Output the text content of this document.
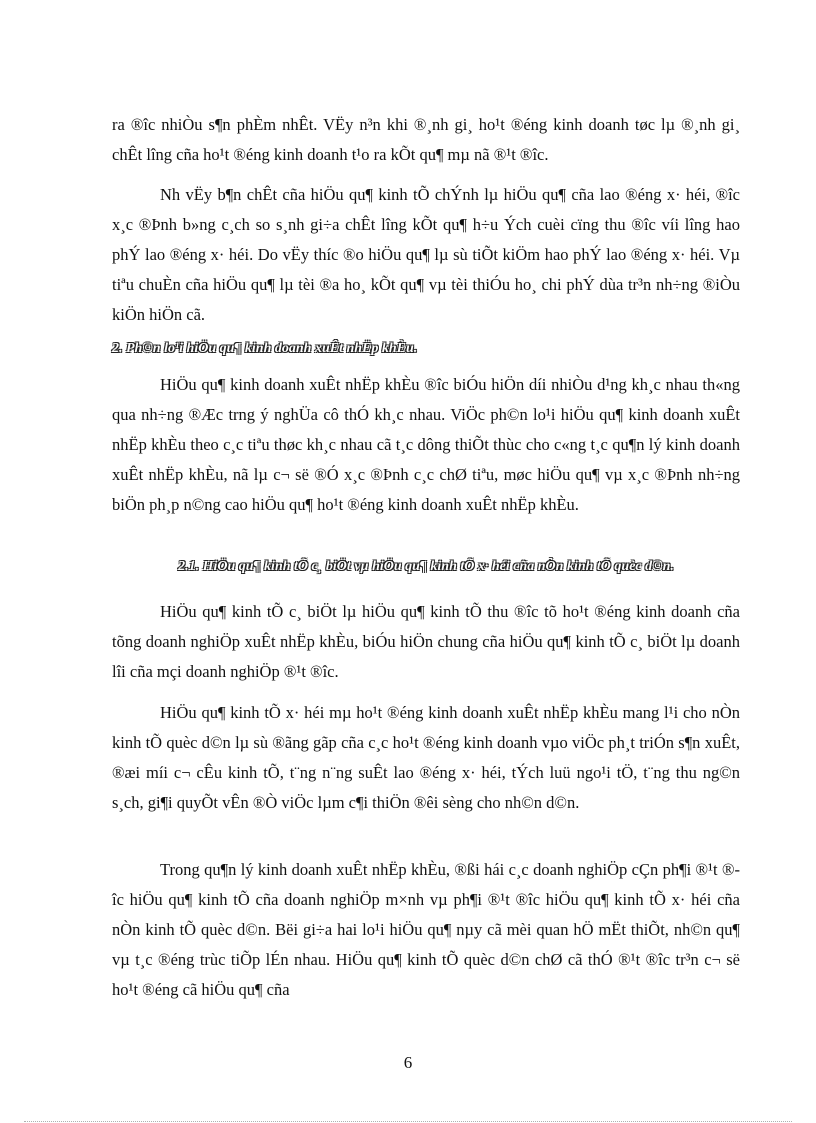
ra ®îc nhiÒu s¶n phÈm nhÊt. VËy n³n khi ®¸nh gi¸ ho¹t ®éng kinh doanh tøc lµ ®¸nh gi¸ chÊt lîng cña ho¹t ®éng kinh doanh t¹o ra kÕt qu¶ mµ nã ®¹t ®îc.

Nh vËy b¶n chÊt cña hiÖu qu¶ kinh tÕ chÝnh lµ hiÖu qu¶ cña lao ®éng x· héi, ®îc x¸c ®Þnh b»ng c¸ch so s¸nh gi÷a chÊt lîng kÕt qu¶ h÷u Ých cuèi cïng thu ®îc víi lîng hao phÝ lao ®éng x· héi. Do vËy thíc ®o hiÖu qu¶ lµ sù tiÕt kiÖm hao phÝ lao ®éng x· héi. Vµ tiªu chuÈn cña hiÖu qu¶ lµ tèi ®a ho¸ kÕt qu¶ vµ tèi thiÓu ho¸ chi phÝ dùa tr³n nh÷ng ®iÒu kiÖn hiÖn cã.

2. Ph©n lo¹i hiÖu qu¶ kinh doanh xuÊt nhËp khÈu.

HiÖu qu¶ kinh doanh xuÊt nhËp khÈu ®îc biÓu hiÖn díi nhiÒu d¹ng kh¸c nhau th«ng qua nh÷ng ®Æc trng ý nghÜa cô thÓ kh¸c nhau. ViÖc ph©n lo¹i hiÖu qu¶ kinh doanh xuÊt nhËp khÈu theo c¸c tiªu thøc kh¸c nhau cã t¸c dông thiÕt thùc cho c«ng t¸c qu¶n lý kinh doanh xuÊt nhËp khÈu, nã lµ c¬ së ®Ó x¸c ®Þnh c¸c chØ tiªu, møc hiÖu qu¶ vµ x¸c ®Þnh nh÷ng biÖn ph¸p n©ng cao hiÖu qu¶ ho¹t ®éng kinh doanh xuÊt nhËp khÈu.

2.1. HiÖu qu¶ kinh tÕ c¸ biÖt vµ hiÖu qu¶ kinh tÕ x· héi cña nÒn kinh tÕ quèc d©n.

HiÖu qu¶ kinh tÕ c¸ biÖt lµ hiÖu qu¶ kinh tÕ thu ®îc tõ ho¹t ®éng kinh doanh cña tõng doanh nghiÖp xuÊt nhËp khÈu, biÓu hiÖn chung cña hiÖu qu¶ kinh tÕ c¸ biÖt lµ doanh lîi cña mçi doanh nghiÖp ®¹t ®îc.

HiÖu qu¶ kinh tÕ x· héi mµ ho¹t ®éng kinh doanh xuÊt nhËp khÈu mang l¹i cho nÒn kinh tÕ quèc d©n lµ sù ®ãng gãp cña c¸c ho¹t ®éng kinh doanh vµo viÖc ph¸t triÓn s¶n xuÊt, ®æi míi c¬ cÊu kinh tÕ, t¨ng n¨ng suÊt lao ®éng x· héi, tÝch luü ngo¹i tÖ, t¨ng thu ng©n s¸ch, gi¶i quyÕt vÊn ®Ò viÖc lµm c¶i thiÖn ®êi sèng cho nh©n d©n.

Trong qu¶n lý kinh doanh xuÊt nhËp khÈu, ®ßi hái c¸c doanh nghiÖp cÇn ph¶i ®¹t ®îc hiÖu qu¶ kinh tÕ cña doanh nghiÖp m×nh vµ ph¶i ®¹t ®îc hiÖu qu¶ kinh tÕ x· héi cña nÒn kinh tÕ quèc d©n. Bëi gi÷a hai lo¹i hiÖu qu¶ nµy cã mèi quan hÖ mËt thiÕt, nh©n qu¶ vµ t¸c ®éng trùc tiÕp lÉn nhau. HiÖu qu¶ kinh tÕ quèc d©n chØ cã thÓ ®¹t ®îc tr³n c¬ së ho¹t ®éng cã hiÖu qu¶ cña

6
